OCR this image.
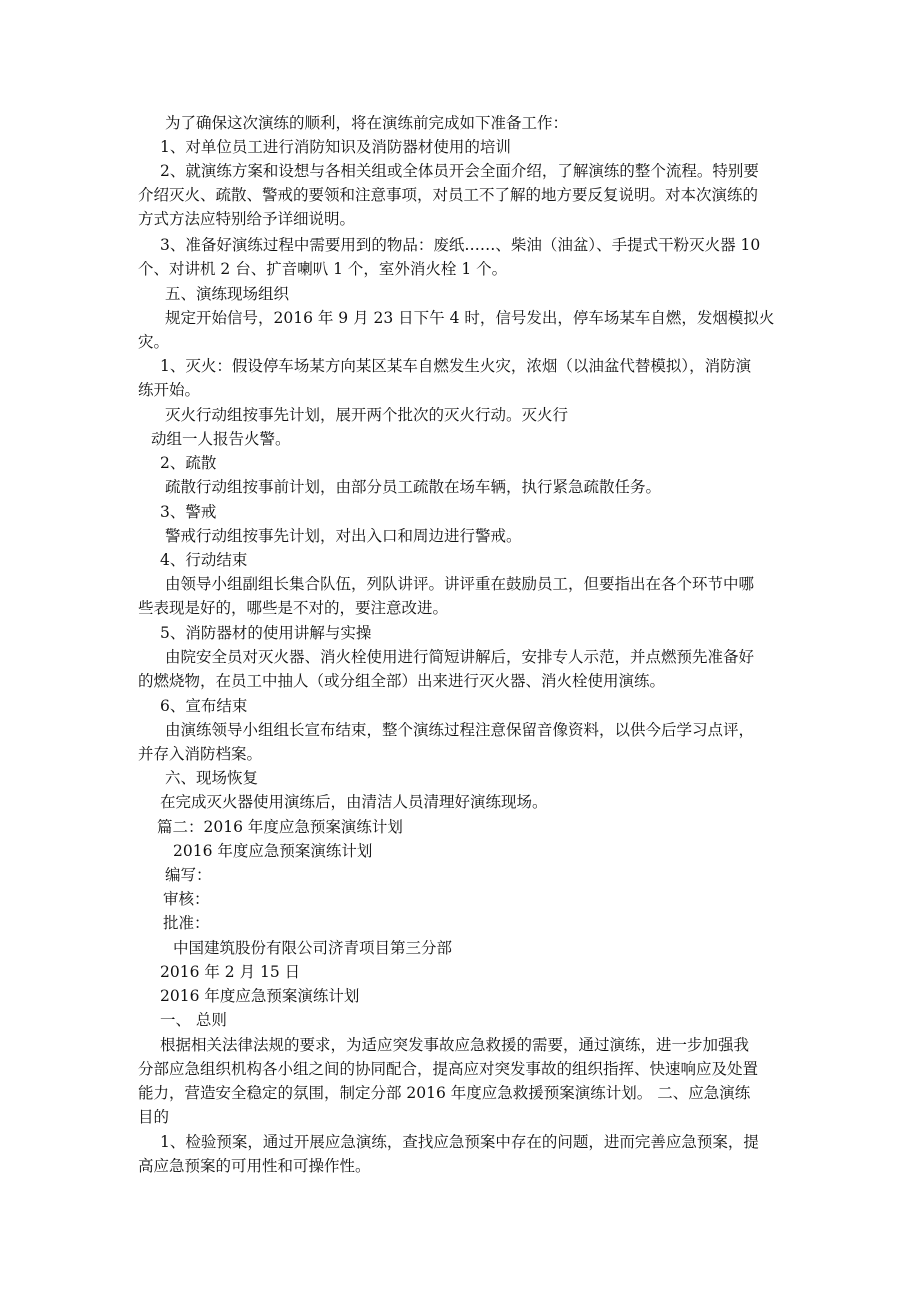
为了确保这次演练的顺利，将在演练前完成如下准备工作：
1、对单位员工进行消防知识及消防器材使用的培训
2、就演练方案和设想与各相关组或全体员开会全面介绍，了解演练的整个流程。特别要
介绍灭火、疏散、警戒的要领和注意事项，对员工不了解的地方要反复说明。对本次演练的
方式方法应特别给予详细说明。
3、准备好演练过程中需要用到的物品：废纸……、柴油（油盆）、手提式干粉灭火器 10
个、对讲机 2 台、扩音喇叭 1 个，室外消火栓 1 个。
五、演练现场组织
规定开始信号，2016 年 9 月 23 日下午 4 时，信号发出，停车场某车自燃，发烟模拟火
灾。
1、灭火：假设停车场某方向某区某车自燃发生火灾，浓烟（以油盆代替模拟），消防演
练开始。
灭火行动组按事先计划，展开两个批次的灭火行动。灭火行
动组一人报告火警。
2、疏散
疏散行动组按事前计划，由部分员工疏散在场车辆，执行紧急疏散任务。
3、警戒
警戒行动组按事先计划，对出入口和周边进行警戒。
4、行动结束
由领导小组副组长集合队伍，列队讲评。讲评重在鼓励员工，但要指出在各个环节中哪
些表现是好的，哪些是不对的，要注意改进。
5、消防器材的使用讲解与实操
由院安全员对灭火器、消火栓使用进行简短讲解后，安排专人示范，并点燃预先准备好
的燃烧物，在员工中抽人（或分组全部）出来进行灭火器、消火栓使用演练。
6、宣布结束
由演练领导小组组长宣布结束，整个演练过程注意保留音像资料，以供今后学习点评，
并存入消防档案。
六、现场恢复
在完成灭火器使用演练后，由清洁人员清理好演练现场。
篇二：2016 年度应急预案演练计划
2016 年度应急预案演练计划
编写：
审核：
批准：
中国建筑股份有限公司济青项目第三分部
2016 年 2 月 15 日
2016 年度应急预案演练计划
一、 总则
根据相关法律法规的要求，为适应突发事故应急救援的需要，通过演练，进一步加强我
分部应急组织机构各小组之间的协同配合，提高应对突发事故的组织指挥、快速响应及处置
能力，营造安全稳定的氛围，制定分部 2016 年度应急救援预案演练计划。 二、应急演练
目的
1、检验预案，通过开展应急演练，查找应急预案中存在的问题，进而完善应急预案，提
高应急预案的可用性和可操作性。
